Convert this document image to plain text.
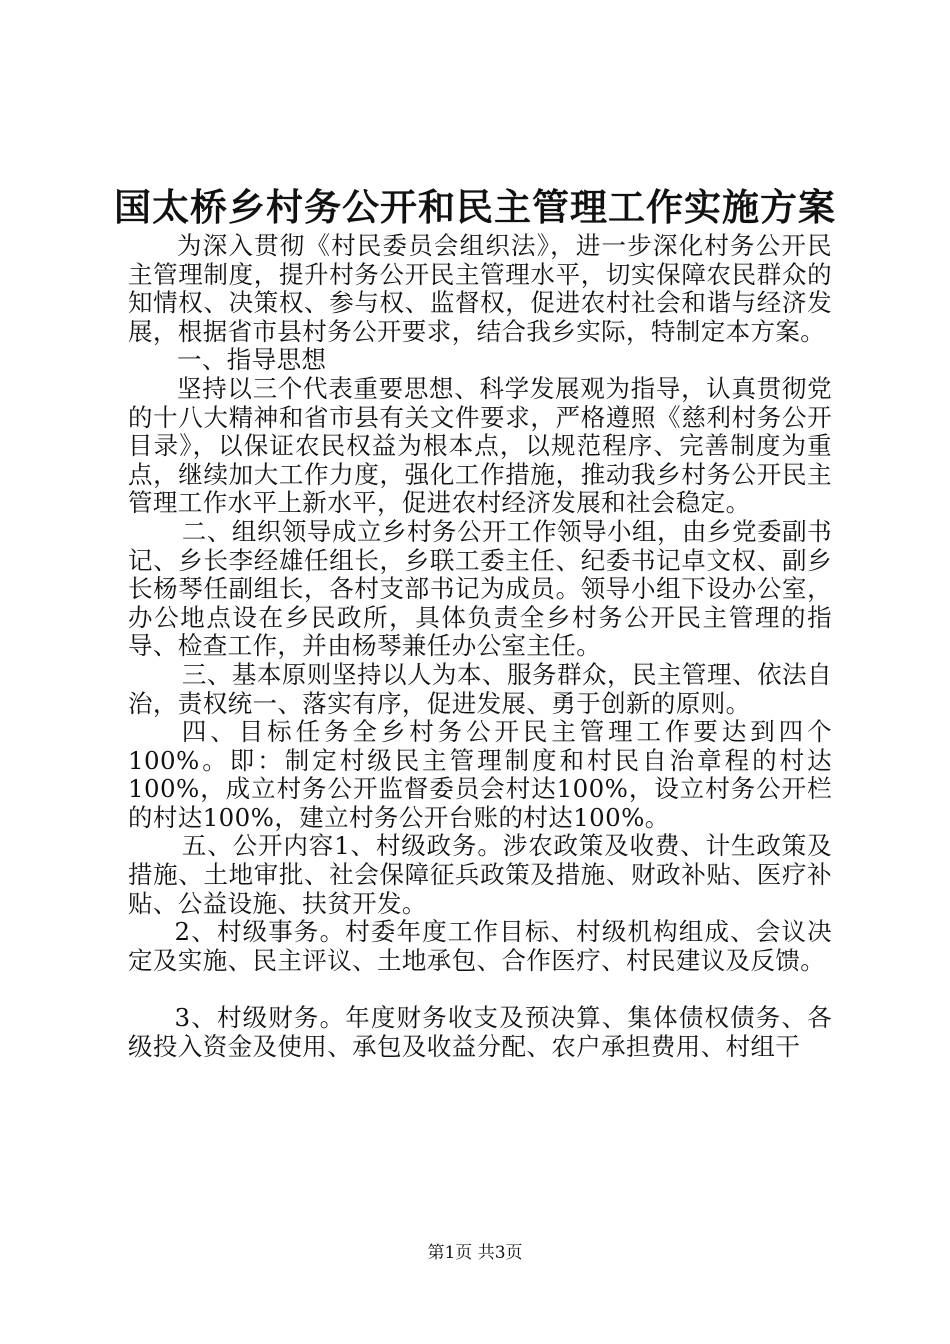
国太桥乡村务公开和民主管理工作实施方案

为深入贯彻《村民委员会组织法》，进一步深化村务公开民主管理制度，提升村务公开民主管理水平，切实保障农民群众的知情权、决策权、参与权、监督权，促进农村社会和谐与经济发展，根据省市县村务公开要求，结合我乡实际，特制定本方案。

一、指导思想

坚持以三个代表重要思想、科学发展观为指导，认真贯彻党的十八大精神和省市县有关文件要求，严格遵照《慈利村务公开目录》，以保证农民权益为根本点，以规范程序、完善制度为重点，继续加大工作力度，强化工作措施，推动我乡村务公开民主管理工作水平上新水平，促进农村经济发展和社会稳定。

二、组织领导成立乡村务公开工作领导小组，由乡党委副书记、乡长李经雄任组长，乡联工委主任、纪委书记卓文权、副乡长杨琴任副组长，各村支部书记为成员。领导小组下设办公室，办公地点设在乡民政所，具体负责全乡村务公开民主管理的指导、检查工作，并由杨琴兼任办公室主任。

三、基本原则坚持以人为本、服务群众，民主管理、依法自治，责权统一、落实有序，促进发展、勇于创新的原则。

四、目标任务全乡村务公开民主管理工作要达到四个100%。即：制定村级民主管理制度和村民自治章程的村达100%，成立村务公开监督委员会村达100%，设立村务公开栏的村达100%，建立村务公开台账的村达100%。

五、公开内容1、村级政务。涉农政策及收费、计生政策及措施、土地审批、社会保障征兵政策及措施、财政补贴、医疗补贴、公益设施、扶贫开发。

2、村级事务。村委年度工作目标、村级机构组成、会议决定及实施、民主评议、土地承包、合作医疗、村民建议及反馈。

3、村级财务。年度财务收支及预决算、集体债权债务、各级投入资金及使用、承包及收益分配、农户承担费用、村组干

第1页 共3页
